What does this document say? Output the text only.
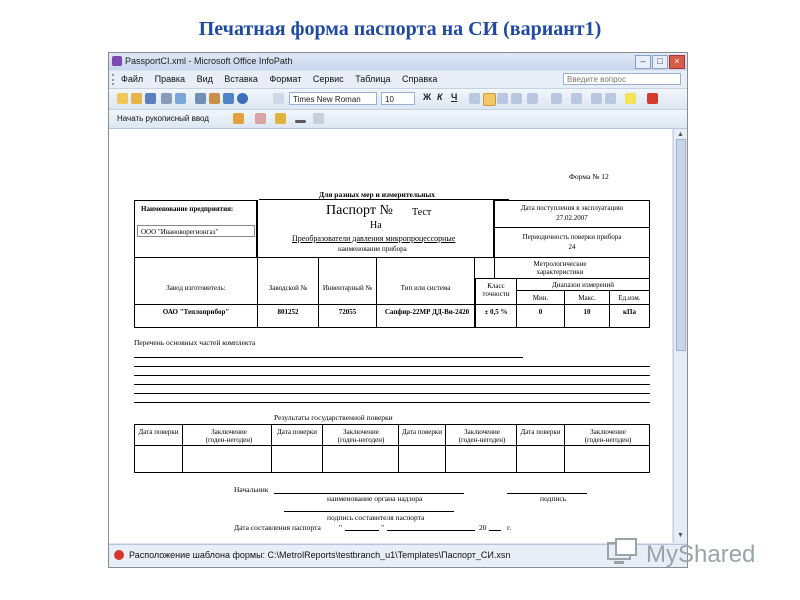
Печатная форма паспорта на СИ (вариант1)
PassportCI.xml - Microsoft Office InfoPath	– □ ×
Файл Правка Вид Вставка Формат Сервис Таблица Справка	Введите вопрос
Times New Roman	10	Ж К Ч
Начать рукописный ввод
Форма № 12
Для разных мер и измерительных
Наименование предприятия:
ООО "Ивановорегионгаз"
Паспорт № Тест
На
Преобразователи давления микропроцессорные
наименование прибора
Дата поступления в эксплуатацию
27.02.2007
Периодичность поверки прибора
24
Завод изготовитель:	Заводской №	Инвентарный №	Тип или система
Метрологические характеристики
Класс точности
Диапазон измерений
Мин.	Макс.	Ед.изм.
ОАО "Теплоприбор"	801252	72055	Сапфир-22МР ДД-Ви-2420	± 0,5 %	0	10	кПа
Перечень основных частей комплекта
Результаты государственной поверки
Дата поверки	Заключение (годен-негоден)
Дата поверки	Заключение (годен-негоден)
Дата поверки	Заключение (годен-негоден)
Дата поверки	Заключение (годен-негоден)
Начальник
наименование органа надзора	подпись
подпись составителя паспорта
Дата составления паспорта "	"	20	г.
▲
▼
Расположение шаблона формы: C:\MetrolReports\testbranch_u1\Templates\Паспорт_СИ.xsn	MyShared
